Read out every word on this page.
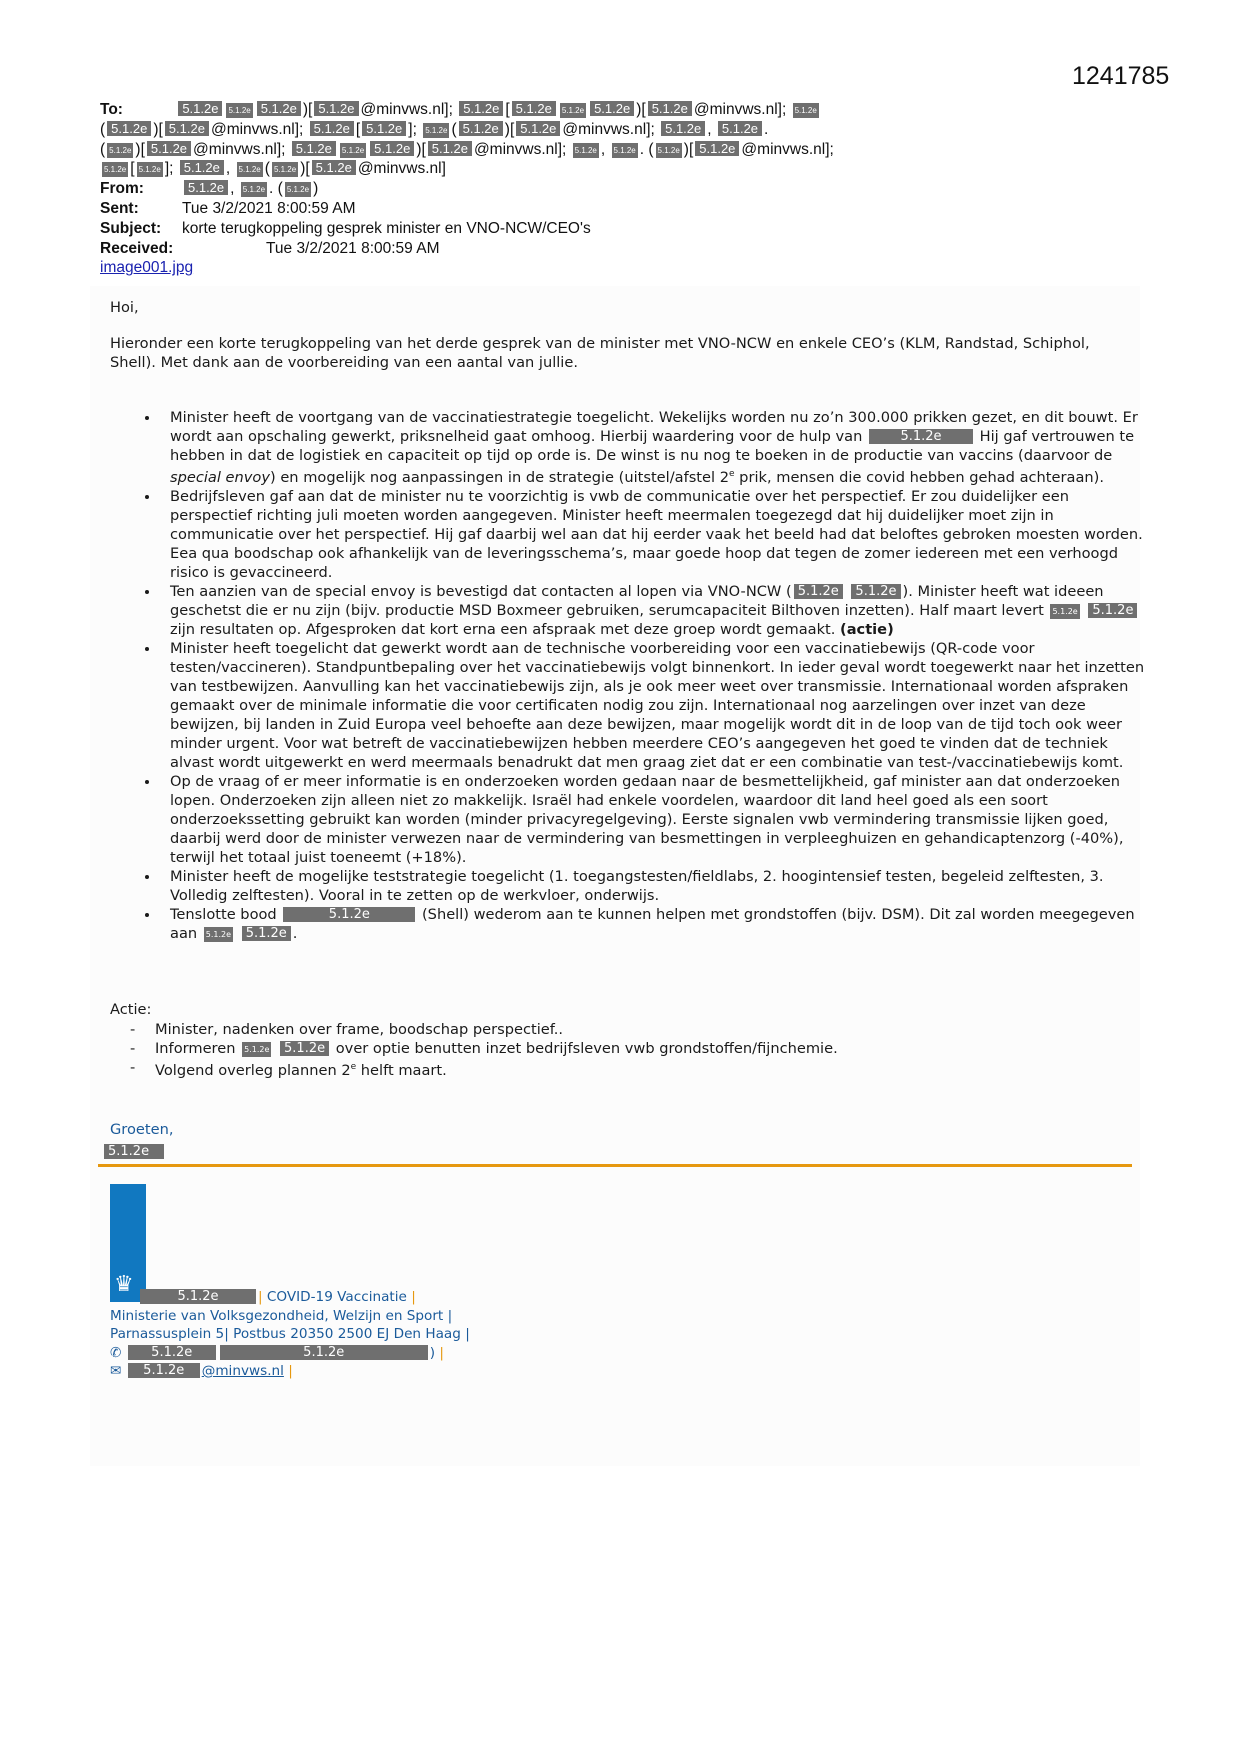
1241785
To:	5.1.2e 5.1.2e 5.1.2e )[ 5.1.2e @minvws.nl]; 5.1.2e [ 5.1.2e 5.1.2e 5.1.2e )[ 5.1.2e @minvws.nl]; 5.1.2e
( 5.1.2e )[ 5.1.2e @minvws.nl]; 5.1.2e [ 5.1.2e ]; 5.1.2e ( 5.1.2e )[ 5.1.2e @minvws.nl]; 5.1.2e , 5.1.2e .
( 5.1.2e )[ 5.1.2e @minvws.nl]; 5.1.2e 5.1.2e 5.1.2e )[ 5.1.2e @minvws.nl]; 5.1.2e , 5.1.2e . ( 5.1.2e )[ 5.1.2e @minvws.nl];
5.1.2e [ 5.1.2e ]; 5.1.2e , 5.1.2e ( 5.1.2e )[ 5.1.2e @minvws.nl]
From:	5.1.2e , 5.1.2e . ( 5.1.2e )
Sent:	Tue 3/2/2021 8:00:59 AM
Subject: korte terugkoppeling gesprek minister en VNO-NCW/CEO's
Received:	Tue 3/2/2021 8:00:59 AM
image001.jpg

Hoi,

Hieronder een korte terugkoppeling van het derde gesprek van de minister met VNO-NCW en enkele CEO’s (KLM, Randstad, Schiphol, Shell). Met dank aan de voorbereiding van een aantal van jullie.

• Minister heeft de voortgang van de vaccinatiestrategie toegelicht. Wekelijks worden nu zo’n 300.000 prikken gezet, en dit bouwt. Er wordt aan opschaling gewerkt, priksnelheid gaat omhoog. Hierbij waardering voor de hulp van	5.1.2e	Hij gaf vertrouwen te hebben in dat de logistiek en capaciteit op tijd op orde is. De winst is nu nog te boeken in de productie van vaccins (daarvoor de special envoy) en mogelijk nog aanpassingen in de strategie (uitstel/afstel 2e prik, mensen die covid hebben gehad achteraan).
• Bedrijfsleven gaf aan dat de minister nu te voorzichtig is vwb de communicatie over het perspectief. Er zou duidelijker een perspectief richting juli moeten worden aangegeven. Minister heeft meermalen toegezegd dat hij duidelijker moet zijn in communicatie over het perspectief. Hij gaf daarbij wel aan dat hij eerder vaak het beeld had dat beloftes gebroken moesten worden. Eea qua boodschap ook afhankelijk van de leveringsschema’s, maar goede hoop dat tegen de zomer iedereen met een verhoogd risico is gevaccineerd.
• Ten aanzien van de special envoy is bevestigd dat contacten al lopen via VNO-NCW ( 5.1.2e 5.1.2e ). Minister heeft wat ideeen geschetst die er nu zijn (bijv. productie MSD Boxmeer gebruiken, serumcapaciteit Bilthoven inzetten). Half maart levert 5.1.2e 5.1.2e zijn resultaten op. Afgesproken dat kort erna een afspraak met deze groep wordt gemaakt. (actie)
• Minister heeft toegelicht dat gewerkt wordt aan de technische voorbereiding voor een vaccinatiebewijs (QR-code voor testen/vaccineren). Standpuntbepaling over het vaccinatiebewijs volgt binnenkort. In ieder geval wordt toegewerkt naar het inzetten van testbewijzen. Aanvulling kan het vaccinatiebewijs zijn, als je ook meer weet over transmissie. Internationaal worden afspraken gemaakt over de minimale informatie die voor certificaten nodig zou zijn. Internationaal nog aarzelingen over inzet van deze bewijzen, bij landen in Zuid Europa veel behoefte aan deze bewijzen, maar mogelijk wordt dit in de loop van de tijd toch ook weer minder urgent. Voor wat betreft de vaccinatiebewijzen hebben meerdere CEO’s aangegeven het goed te vinden dat de techniek alvast wordt uitgewerkt en werd meermaals benadrukt dat men graag ziet dat er een combinatie van test-/vaccinatiebewijs komt.
• Op de vraag of er meer informatie is en onderzoeken worden gedaan naar de besmettelijkheid, gaf minister aan dat onderzoeken lopen. Onderzoeken zijn alleen niet zo makkelijk. Israël had enkele voordelen, waardoor dit land heel goed als een soort onderzoekssetting gebruikt kan worden (minder privacyregelgeving). Eerste signalen vwb vermindering transmissie lijken goed, daarbij werd door de minister verwezen naar de vermindering van besmettingen in verpleeghuizen en gehandicaptenzorg (-40%), terwijl het totaal juist toeneemt (+18%).
• Minister heeft de mogelijke teststrategie toegelicht (1. toegangstesten/fieldlabs, 2. hoogintensief testen, begeleid zelftesten, 3. Volledig zelftesten). Vooral in te zetten op de werkvloer, onderwijs.
• Tenslotte bood	5.1.2e	(Shell) wederom aan te kunnen helpen met grondstoffen (bijv. DSM). Dit zal worden meegegeven aan 5.1.2e 5.1.2e .

Actie:

- Minister, nadenken over frame, boodschap perspectief..
- Informeren 5.1.2e 5.1.2e over optie benutten inzet bedrijfsleven vwb grondstoffen/fijnchemie.
- Volgend overleg plannen 2e helft maart.

Groeten,

5.1.2e
♛	5.1.2e	| COVID-19 Vaccinatie |
Ministerie van Volksgezondheid, Welzijn en Sport |
Parnassusplein 5| Postbus 20350 2500 EJ Den Haag |
✆ 5.1.2e	5.1.2e	) |
✉ 5.1.2e @minvws.nl |
